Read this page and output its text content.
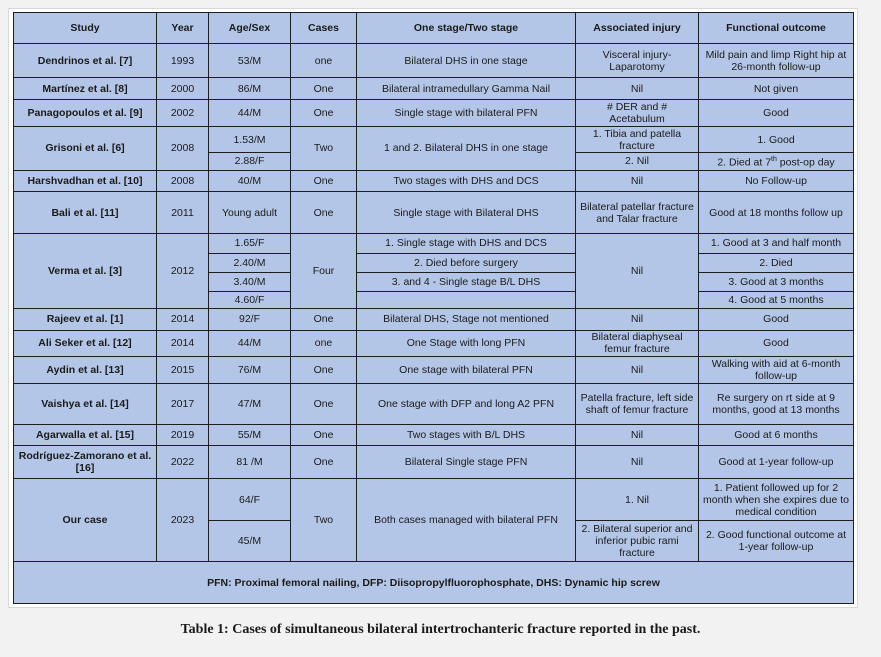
Study	Year	Age/Sex	Cases	One stage/Two stage	Associated injury	Functional outcome
Dendrinos et al. [7]	1993	53/M	one	Bilateral DHS in one stage	Visceral injury-Laparotomy	Mild pain and limp Right hip at 26-month follow-up
Martínez et al. [8]	2000	86/M	One	Bilateral intramedullary Gamma Nail	Nil	Not given
Panagopoulos et al. [9]	2002	44/M	One	Single stage with bilateral PFN	# DER and # Acetabulum	Good
Grisoni et al. [6]	2008	1.53/M	Two	1 and 2. Bilateral DHS in one stage	1. Tibia and patella fracture	1. Good
		2.88/F			2. Nil	2. Died at 7th post-op day
Harshvadhan et al. [10]	2008	40/M	One	Two stages with DHS and DCS	Nil	No Follow-up
Bali et al. [11]	2011	Young adult	One	Single stage with Bilateral DHS	Bilateral patellar fracture and Talar fracture	Good at 18 months follow up
Verma et al. [3]	2012	1.65/F	Four	1. Single stage with DHS and DCS	Nil	1. Good at 3 and half month
		2.40/M		2. Died before surgery		2. Died
		3.40/M		3. and 4 - Single stage B/L DHS		3. Good at 3 months
		4.60/F				4. Good at 5 months
Rajeev et al. [1]	2014	92/F	One	Bilateral DHS, Stage not mentioned	Nil	Good
Ali Seker et al. [12]	2014	44/M	one	One Stage with long PFN	Bilateral diaphyseal femur fracture	Good
Aydin et al. [13]	2015	76/M	One	One stage with bilateral PFN	Nil	Walking with aid at 6-month follow-up
Vaishya et al. [14]	2017	47/M	One	One stage with DFP and long A2 PFN	Patella fracture, left side shaft of femur fracture	Re surgery on rt side at 9 months, good at 13 months
Agarwalla et al. [15]	2019	55/M	One	Two stages with B/L DHS	Nil	Good at 6 months
Rodríguez-Zamorano et al. [16]	2022	81 /M	One	Bilateral Single stage PFN	Nil	Good at 1-year follow-up
Our case	2023	64/F	Two	Both cases managed with bilateral PFN	1. Nil	1. Patient followed up for 2 month when she expires due to medical condition
		45/M			2. Bilateral superior and inferior pubic rami fracture	2. Good functional outcome at 1-year follow-up
PFN: Proximal femoral nailing, DFP: Diisopropylfluorophosphate, DHS: Dynamic hip screw						
Table 1: Cases of simultaneous bilateral intertrochanteric fracture reported in the past.
